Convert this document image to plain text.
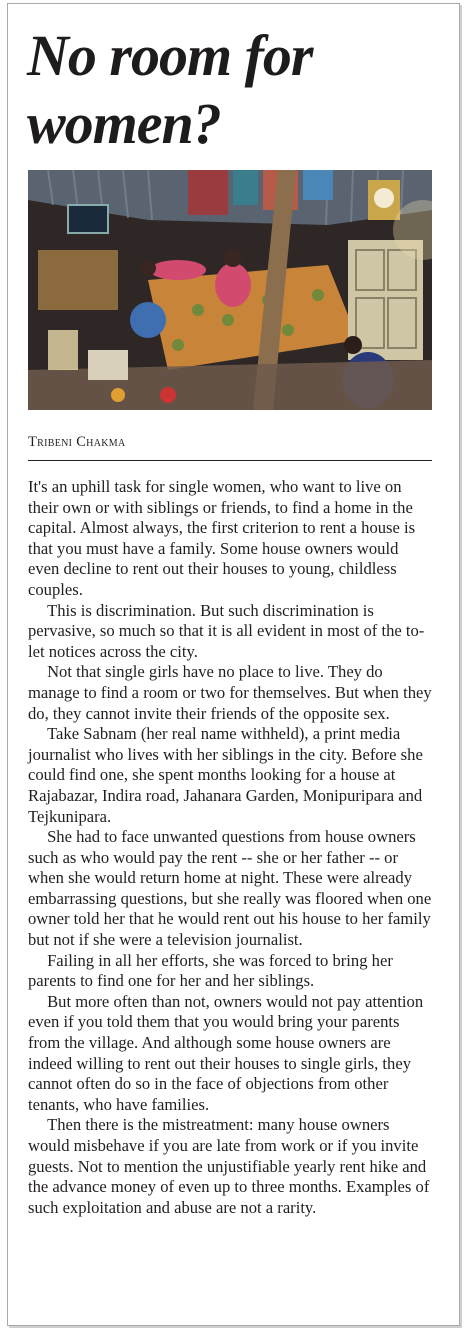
No room for
women?

Tribeni Chakma

It's an uphill task for single women, who want to live on their own or with siblings or friends, to find a home in the capital. Almost always, the first criterion to rent a house is that you must have a family. Some house owners would even decline to rent out their houses to young, childless couples.

This is discrimination. But such discrimination is pervasive, so much so that it is all evident in most of the to-let notices across the city.

Not that single girls have no place to live. They do manage to find a room or two for themselves. But when they do, they cannot invite their friends of the opposite sex.

Take Sabnam (her real name withheld), a print media journalist who lives with her siblings in the city. Before she could find one, she spent months looking for a house at Rajabazar, Indira road, Jahanara Garden, Monipuripara and Tejkunipara.

She had to face unwanted questions from house owners such as who would pay the rent -- she or her father -- or when she would return home at night. These were already embarrassing questions, but she really was floored when one owner told her that he would rent out his house to her family but not if she were a television journalist.

Failing in all her efforts, she was forced to bring her parents to find one for her and her siblings.

But more often than not, owners would not pay attention even if you told them that you would bring your parents from the village. And although some house owners are indeed willing to rent out their houses to single girls, they cannot often do so in the face of objections from other tenants, who have families.

Then there is the mistreatment: many house owners would misbehave if you are late from work or if you invite guests. Not to mention the unjustifiable yearly rent hike and the advance money of even up to three months. Examples of such exploitation and abuse are not a rarity.
